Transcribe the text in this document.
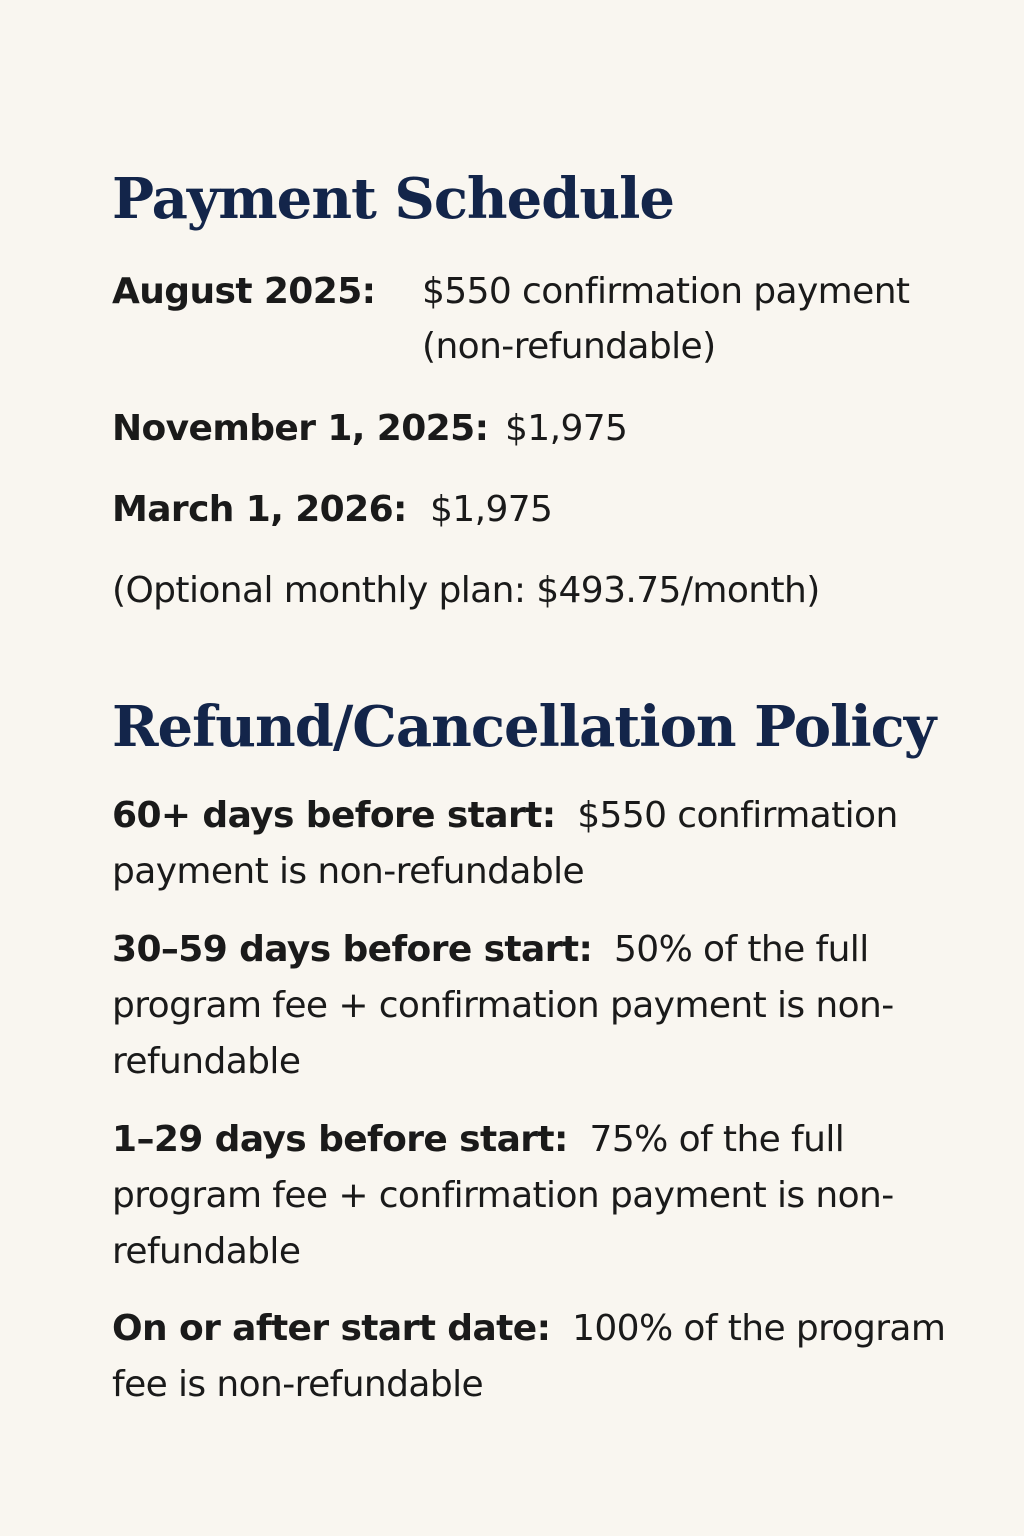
Payment Schedule
August 2025: $550 confirmation payment
(non-refundable)
November 1, 2025: $1,975
March 1, 2026: $1,975
(Optional monthly plan: $493.75/month)
Refund/Cancellation Policy
60+ days before start: $550 confirmation payment is non-refundable
30–59 days before start: 50% of the full program fee + confirmation payment is non-refundable
1–29 days before start: 75% of the full program fee + confirmation payment is non-refundable
On or after start date: 100% of the program fee is non-refundable
